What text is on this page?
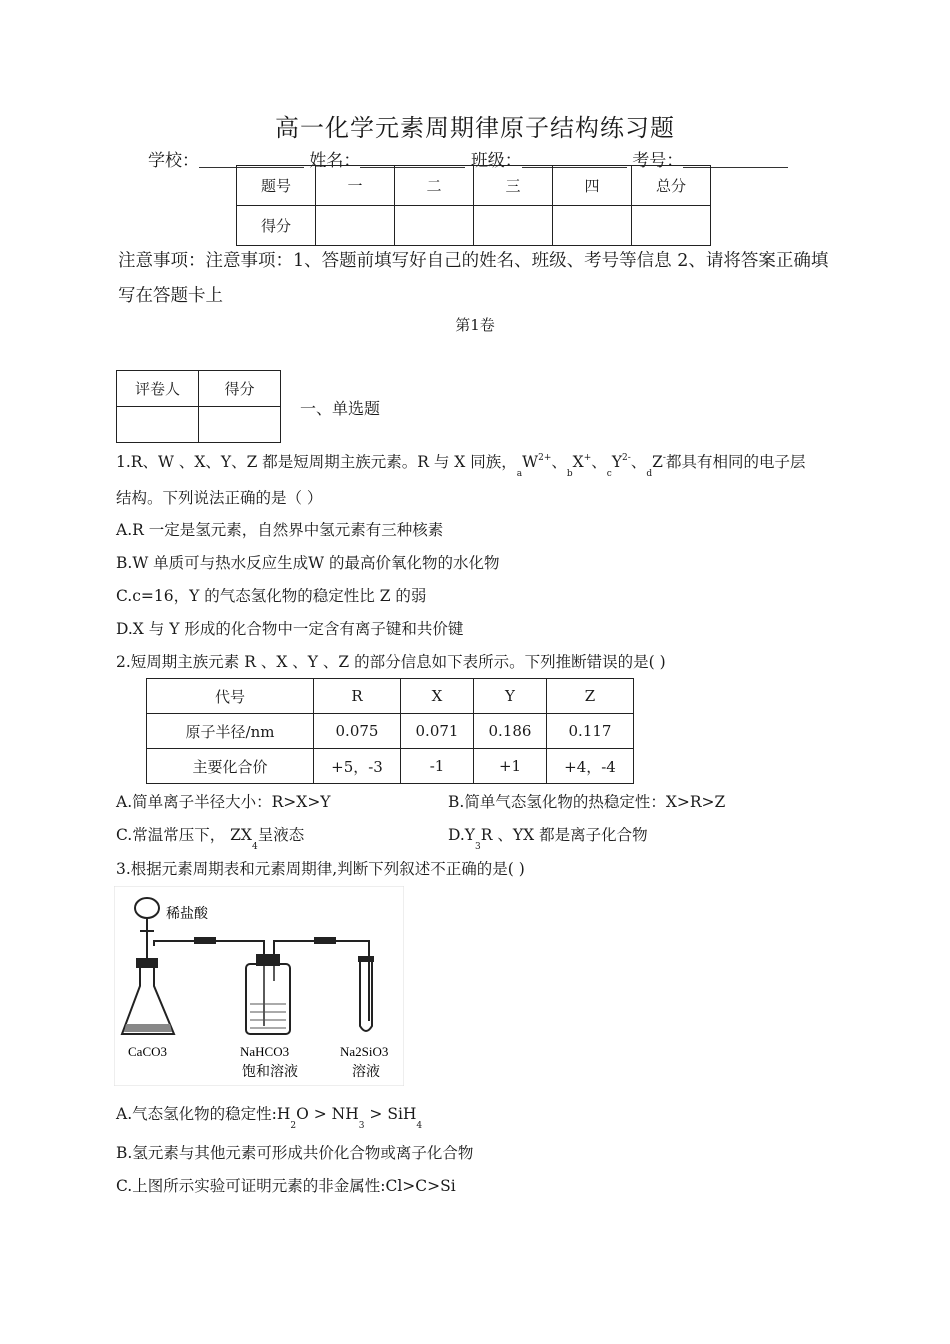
高一化学元素周期律原子结构练习题
学校：	姓名：	班级：	考号：
题号	一	二	三	四	总分
得分					
注意事项：注意事项：1、答题前填写好自己的姓名、班级、考号等信息 2、请将答案正确填写在答题卡上
第1卷
评卷人	得分

一、单选题
1.R、W 、X、Y、Z 都是短周期主族元素。R 与 X 同族，$_aW^{2+}$、$_b$X+、$_cY^{2-}$、$_d$Z-都具有相同的电子层
结构。下列说法正确的是（ ）
A.R 一定是氢元素，自然界中氢元素有三种核素
B.W 单质可与热水反应生成W 的最高价氧化物的水化物
C.c=16，Y 的气态氢化物的稳定性比 Z 的弱
D.X 与 Y 形成的化合物中一定含有离子键和共价键
2.短周期主族元素 R 、X 、Y 、Z 的部分信息如下表所示。下列推断错误的是( )
代号	R	X	Y	Z
原子半径/nm	0.075	0.071	0.186	0.117
主要化合价	+5，-3	-1	+1	+4，-4
A.简单离子半径大小：R>X>Y	B.简单气态氢化物的热稳定性：X>R>Z
C.常温常压下， $ZX_4$呈液态	$D.Y_3R$ 、YX 都是离子化合物
3.根据元素周期表和元素周期律,判断下列叙述不正确的是( )
稀盐酸
CaCO3	NaHCO3
饱和溶液
Na2SiO3
溶液
A.气态氢化物的稳定性$:H_2O > NH_3 > SiH_4$
B.氢元素与其他元素可形成共价化合物或离子化合物
C.上图所示实验可证明元素的非金属性:Cl>C>Si
